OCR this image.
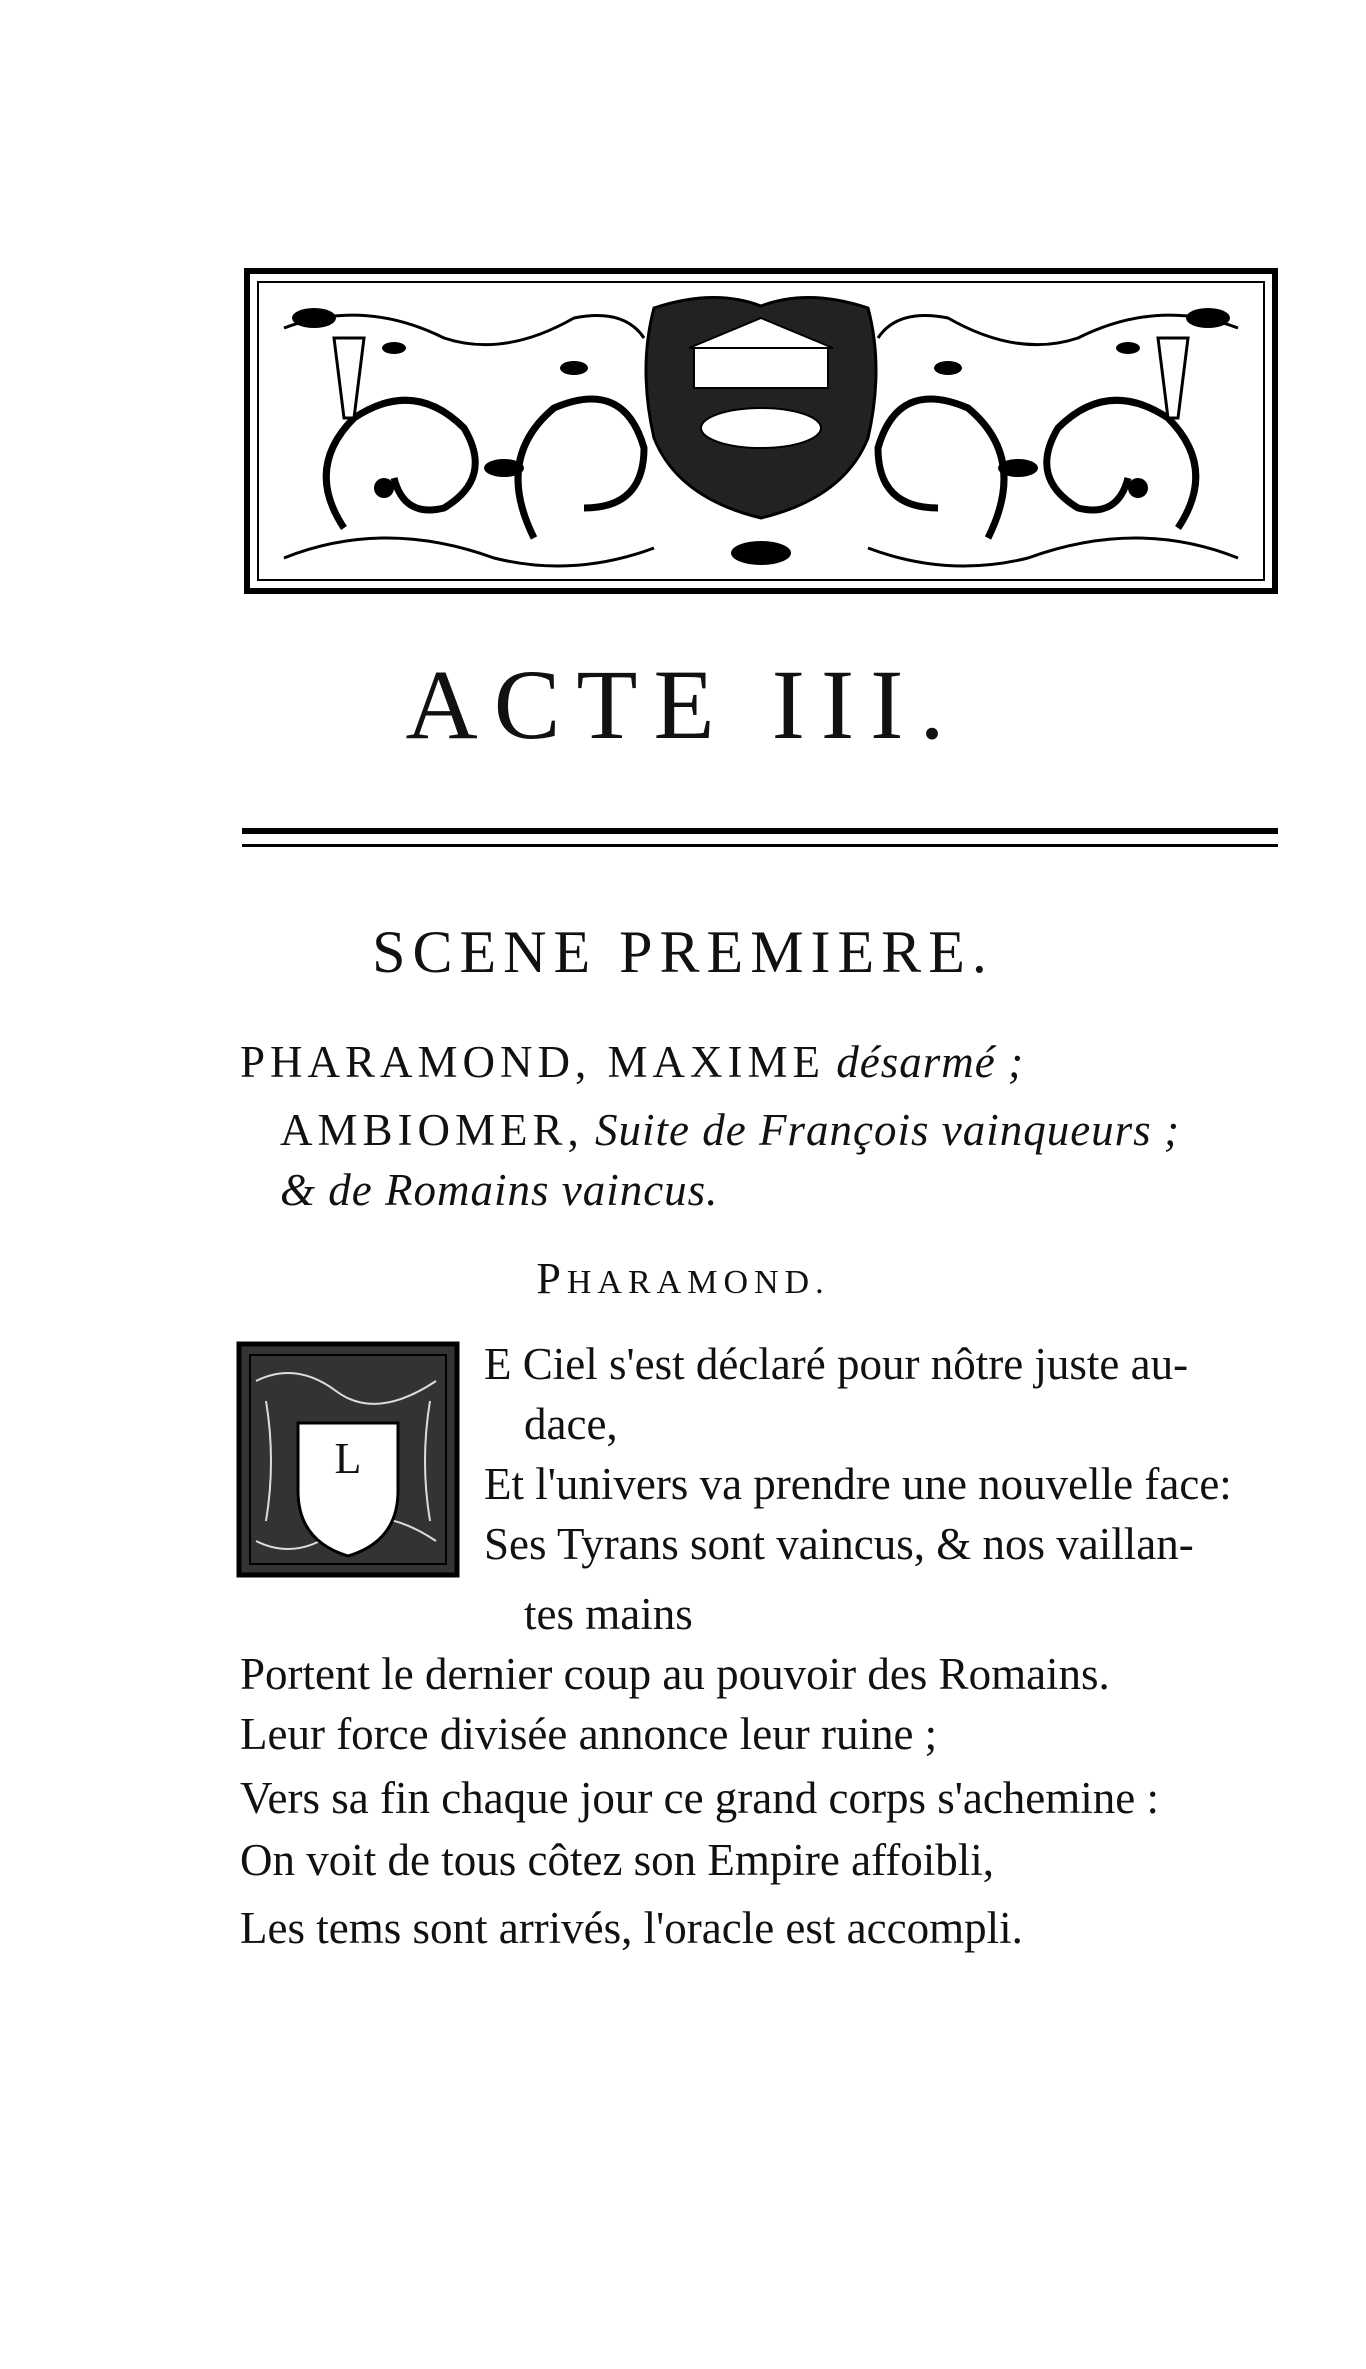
ACTE III.
SCENE PREMIERE.
PHARAMOND, MAXIME désarmé ;
AMBIOMER, Suite de François vainqueurs ;
& de Romains vaincus.
PHARAMOND.
L
E Ciel s'est déclaré pour nôtre juste au-
dace,
Et l'univers va prendre une nouvelle face:
Ses Tyrans sont vaincus, & nos vaillan-
tes mains
Portent le dernier coup au pouvoir des Romains.
Leur force divisée annonce leur ruine ;
Vers sa fin chaque jour ce grand corps s'achemine :
On voit de tous côtez son Empire affoibli,
Les tems sont arrivés, l'oracle est accompli.
